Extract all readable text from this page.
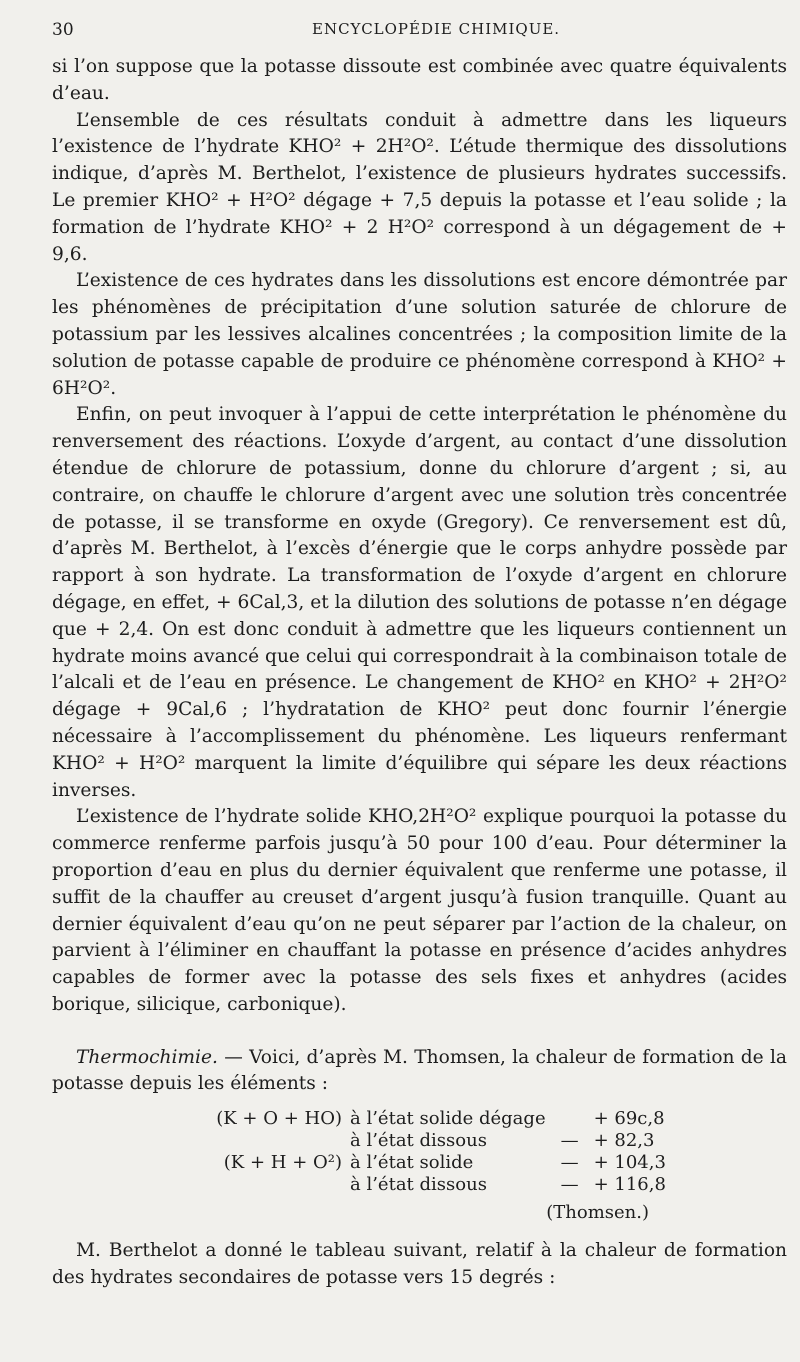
30	ENCYCLOPÉDIE CHIMIQUE.

si l’on suppose que la potasse dissoute est combinée avec quatre équivalents d’eau.

L’ensemble de ces résultats conduit à admettre dans les liqueurs l’existence de l’hydrate KHO² + 2H²O². L’étude thermique des dissolutions indique, d’après M. Berthelot, l’existence de plusieurs hydrates successifs. Le premier KHO² + H²O² dégage + 7,5 depuis la potasse et l’eau solide ; la formation de l’hydrate KHO² + 2 H²O² correspond à un dégagement de + 9,6.

L’existence de ces hydrates dans les dissolutions est encore démontrée par les phénomènes de précipitation d’une solution saturée de chlorure de potassium par les lessives alcalines concentrées ; la composition limite de la solution de potasse capable de produire ce phénomène correspond à KHO² + 6H²O².

Enfin, on peut invoquer à l’appui de cette interprétation le phénomène du renversement des réactions. L’oxyde d’argent, au contact d’une dissolution étendue de chlorure de potassium, donne du chlorure d’argent ; si, au contraire, on chauffe le chlorure d’argent avec une solution très concentrée de potasse, il se transforme en oxyde (Gregory). Ce renversement est dû, d’après M. Berthelot, à l’excès d’énergie que le corps anhydre possède par rapport à son hydrate. La transformation de l’oxyde d’argent en chlorure dégage, en effet, + 6Cal,3, et la dilution des solutions de potasse n’en dégage que + 2,4. On est donc conduit à admettre que les liqueurs contiennent un hydrate moins avancé que celui qui correspondrait à la combinaison totale de l’alcali et de l’eau en présence. Le changement de KHO² en KHO² + 2H²O² dégage + 9Cal,6 ; l’hydratation de KHO² peut donc fournir l’énergie nécessaire à l’accomplissement du phénomène. Les liqueurs renfermant KHO² + H²O² marquent la limite d’équilibre qui sépare les deux réactions inverses.

L’existence de l’hydrate solide KHO,2H²O² explique pourquoi la potasse du commerce renferme parfois jusqu’à 50 pour 100 d’eau. Pour déterminer la proportion d’eau en plus du dernier équivalent que renferme une potasse, il suffit de la chauffer au creuset d’argent jusqu’à fusion tranquille. Quant au dernier équivalent d’eau qu’on ne peut séparer par l’action de la chaleur, on parvient à l’éliminer en chauffant la potasse en présence d’acides anhydres capables de former avec la potasse des sels fixes et anhydres (acides borique, silicique, carbonique).

Thermochimie. — Voici, d’après M. Thomsen, la chaleur de formation de la potasse depuis les éléments :

(K + O + HO)	à l’état solide dégage		+ 69c,8
	à l’état dissous	—	+ 82,3
(K + H + O²)	à l’état solide	—	+ 104,3
	à l’état dissous	—	+ 116,8
(Thomsen.)

M. Berthelot a donné le tableau suivant, relatif à la chaleur de formation des hydrates secondaires de potasse vers 15 degrés :
